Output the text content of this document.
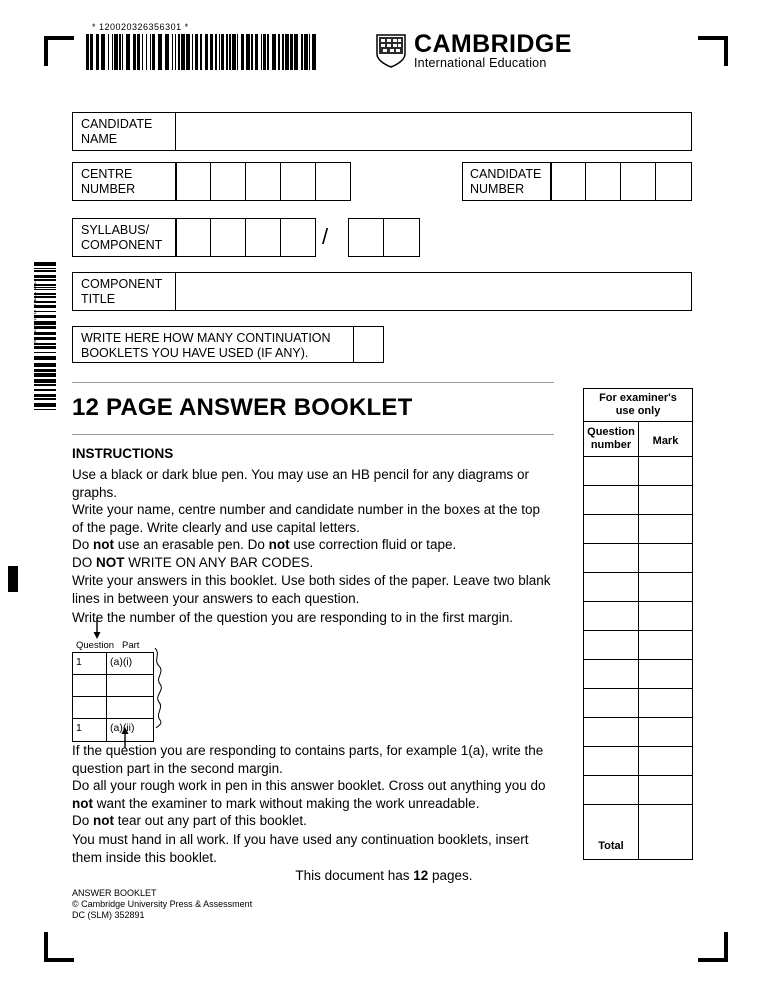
* 120020326356301 *
194463571 6
CAMBRIDGE
International Education
CANDIDATE
NAME
CENTRE
NUMBER
CANDIDATE
NUMBER
SYLLABUS/
COMPONENT	/
COMPONENT
TITLE
WRITE HERE HOW MANY CONTINUATION
BOOKLETS YOU HAVE USED (IF ANY).
12 PAGE ANSWER BOOKLET
INSTRUCTIONS
Use a black or dark blue pen. You may use an HB pencil for any diagrams or graphs.
Write your name, centre number and candidate number in the boxes at the top of the page. Write clearly and use capital letters.
Do not use an erasable pen. Do not use correction fluid or tape.
DO NOT WRITE ON ANY BAR CODES.
Write your answers in this booklet. Use both sides of the paper. Leave two blank lines in between your answers to each question.
Write the number of the question you are responding to in the first margin.
Question Part
1	(a)(i)
1	(a)(ii)
If the question you are responding to contains parts, for example 1(a), write the question part in the second margin.
Do all your rough work in pen in this answer booklet. Cross out anything you do not want the examiner to mark without making the work unreadable.
Do not tear out any part of this booklet.
You must hand in all work. If you have used any continuation booklets, insert them inside this booklet.
For examiner's
use only
Question
number	Mark
Total
This document has 12 pages.
ANSWER BOOKLET
© Cambridge University Press & Assessment
DC (SLM) 352891
